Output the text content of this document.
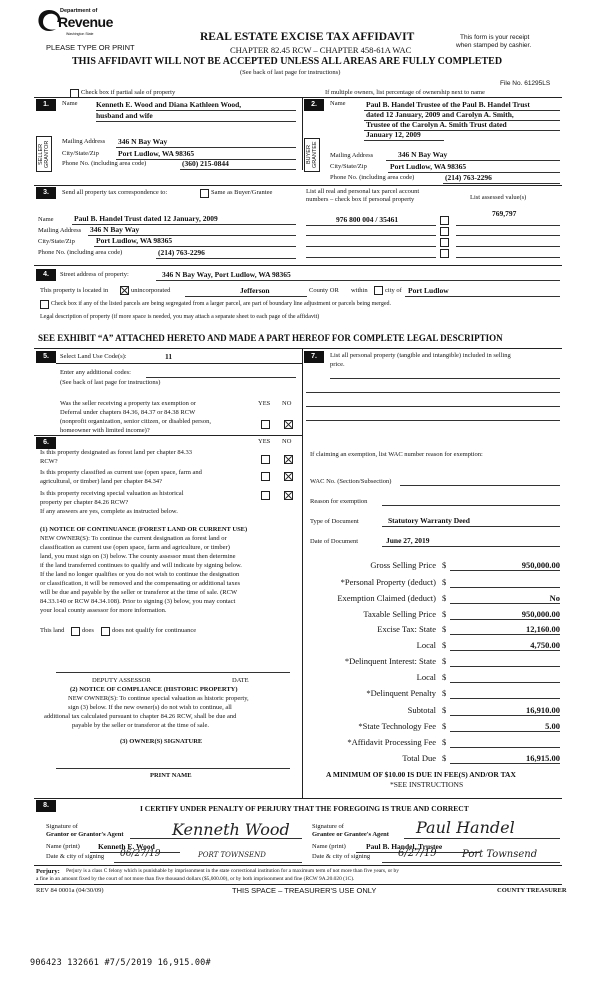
Department of
Revenue
Washington State
PLEASE TYPE OR PRINT
REAL ESTATE EXCISE TAX AFFIDAVIT
CHAPTER 82.45 RCW – CHAPTER 458-61A WAC
This form is your receipt
when stamped by cashier.
THIS AFFIDAVIT WILL NOT BE ACCEPTED UNLESS ALL AREAS ARE FULLY COMPLETED
(See back of last page for instructions)
File No. 61295LS
Check box if partial sale of property	If multiple owners, list percentage of ownership next to name
1.
SELLER GRANTOR
Name Kenneth E. Wood and Diana Kathleen Wood,
husband and wife
Mailing Address 346 N Bay Way
City/State/Zip	Port Ludlow, WA 98365
Phone No. (including area code)	(360) 215-0844
2.
BUYER GRANTEE
Name	Paul B. Handel Trustee of the Paul B. Handel Trust
dated 12 January, 2009 and Carolyn A. Smith,
Trustee of the Carolyn A. Smith Trust dated
January 12, 2009
Mailing Address	346 N Bay Way
City/State/Zip	Port Ludlow, WA 98365
Phone No. (including area code)	(214) 763-2296
3.	Send all property tax correspondence to:	Same as Buyer/Grantee
Name	Paul B. Handel Trust dated 12 January, 2009
Mailing Address 346 N Bay Way
City/State/Zip	Port Ludlow, WA 98365
Phone No. (including area code)	(214) 763-2296
List all real and personal tax parcel account
numbers – check box if personal property	List assessed value(s)
769,797
976 800 004 / 35461
4.	Street address of property:	346 N Bay Way, Port Ludlow, WA 98365
This property is located in	unincorporated	Jefferson	County OR within	city of Port Ludlow
Check box if any of the listed parcels are being segregated from a larger parcel, are part of boundary line adjustment or parcels being merged.
Legal description of property (if more space is needed, you may attach a separate sheet to each page of the affidavit)
SEE EXHIBIT “A” ATTACHED HERETO AND MADE A PART HEREOF FOR COMPLETE LEGAL DESCRIPTION
5.	Select Land Use Code(s):	11
Enter any additional codes:
(See back of last page for instructions)
YES NO
Was the seller receiving a property tax exemption or
Deferral under chapters 84.36, 84.37 or 84.38 RCW
(nonprofit organization, senior citizen, or disabled person,
homeowner with limited income)?
6.	YES NO
Is this property designated as forest land per chapter 84.33
RCW?
Is this property classified as current use (open space, farm and
agricultural, or timber) land per chapter 84.34?
Is this property receiving special valuation as historical
property per chapter 84.26 RCW?
If any answers are yes, complete as instructed below.
(1) NOTICE OF CONTINUANCE (FOREST LAND OR CURRENT USE)
NEW OWNER(S): To continue the current designation as forest land or
classification as current use (open space, farm and agriculture, or timber)
land, you must sign on (3) below. The county assessor must then determine
if the land transferred continues to qualify and will indicate by signing below.
If the land no longer qualifies or you do not wish to continue the designation
or classification, it will be removed and the compensating or additional taxes
will be due and payable by the seller or transferor at the time of sale. (RCW
84.33.140 or RCW 84.34.108). Prior to signing (3) below, you may contact
your local county assessor for more information.
This land	does	does not qualify for continuance
DEPUTY ASSESSOR	DATE
(2) NOTICE OF COMPLIANCE (HISTORIC PROPERTY)
NEW OWNER(S): To continue special valuation as historic property,
sign (3) below. If the new owner(s) do not wish to continue, all
additional tax calculated pursuant to chapter 84.26 RCW, shall be due and
payable by the seller or transferor at the time of sale.
(3) OWNER(S) SIGNATURE
PRINT NAME
7.	List all personal property (tangible and intangible) included in selling
price.
If claiming an exemption, list WAC number reason for exemption:
WAC No. (Section/Subsection)
Reason for exemption
Type of Document	Statutory Warranty Deed
Date of Document	June 27, 2019
Gross Selling Price $	950,000.00
*Personal Property (deduct) $
Exemption Claimed (deduct) $	No
Taxable Selling Price $	950,000.00
Excise Tax: State $	12,160.00
Local $	4,750.00
*Delinquent Interest: State $
Local $
*Delinquent Penalty $
Subtotal $	16,910.00
*State Technology Fee $	5.00
*Affidavit Processing Fee $
Total Due $	16,915.00
A MINIMUM OF $10.00 IS DUE IN FEE(S) AND/OR TAX
*SEE INSTRUCTIONS
8.	I CERTIFY UNDER PENALTY OF PERJURY THAT THE FOREGOING IS TRUE AND CORRECT
Signature of
Grantor or Grantor's Agent	Kenneth Wood
Name (print) Kenneth E. Wood
Date & city of signing 06/27/19	PORT TOWNSEND
Signature of
Grantee or Grantee's Agent Paul Handel
Name (print)	Paul B. Handel, Trustee
Date & city of signing	6/27/19	Port Townsend
Perjury: Perjury is a class C felony which is punishable by imprisonment in the state correctional institution for a maximum term of not more than five years, or by
a fine in an amount fixed by the court of not more than five thousand dollars ($5,000.00), or by both imprisonment and fine (RCW 9A.20.020 (1C).
REV 84 0001a (04/30/09)	THIS SPACE – TREASURER'S USE ONLY	COUNTY TREASURER
906423 132661 #7/5/2019 16,915.00#
